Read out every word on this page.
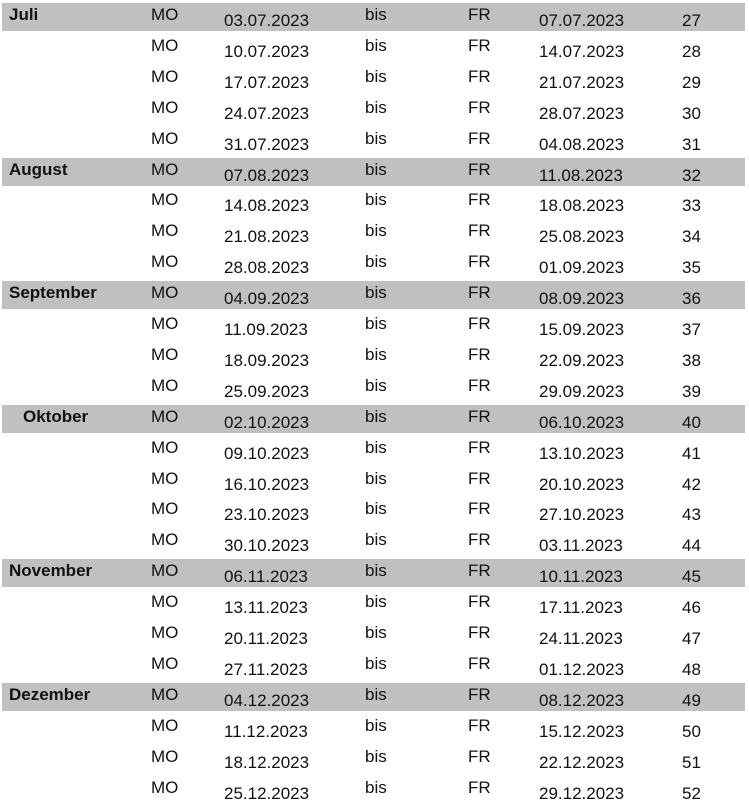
Juli	MO	03.07.2023	bis	FR	07.07.2023	27
MO	10.07.2023	bis	FR	14.07.2023	28
MO	17.07.2023	bis	FR	21.07.2023	29
MO	24.07.2023	bis	FR	28.07.2023	30
MO	31.07.2023	bis	FR	04.08.2023	31
August	MO	07.08.2023	bis	FR	11.08.2023	32
MO	14.08.2023	bis	FR	18.08.2023	33
MO	21.08.2023	bis	FR	25.08.2023	34
MO	28.08.2023	bis	FR	01.09.2023	35
September	MO	04.09.2023	bis	FR	08.09.2023	36
MO	11.09.2023	bis	FR	15.09.2023	37
MO	18.09.2023	bis	FR	22.09.2023	38
MO	25.09.2023	bis	FR	29.09.2023	39
Oktober	MO	02.10.2023	bis	FR	06.10.2023	40
MO	09.10.2023	bis	FR	13.10.2023	41
MO	16.10.2023	bis	FR	20.10.2023	42
MO	23.10.2023	bis	FR	27.10.2023	43
MO	30.10.2023	bis	FR	03.11.2023	44
November	MO	06.11.2023	bis	FR	10.11.2023	45
MO	13.11.2023	bis	FR	17.11.2023	46
MO	20.11.2023	bis	FR	24.11.2023	47
MO	27.11.2023	bis	FR	01.12.2023	48
Dezember	MO	04.12.2023	bis	FR	08.12.2023	49
MO	11.12.2023	bis	FR	15.12.2023	50
MO	18.12.2023	bis	FR	22.12.2023	51
MO	25.12.2023	bis	FR	29.12.2023	52
